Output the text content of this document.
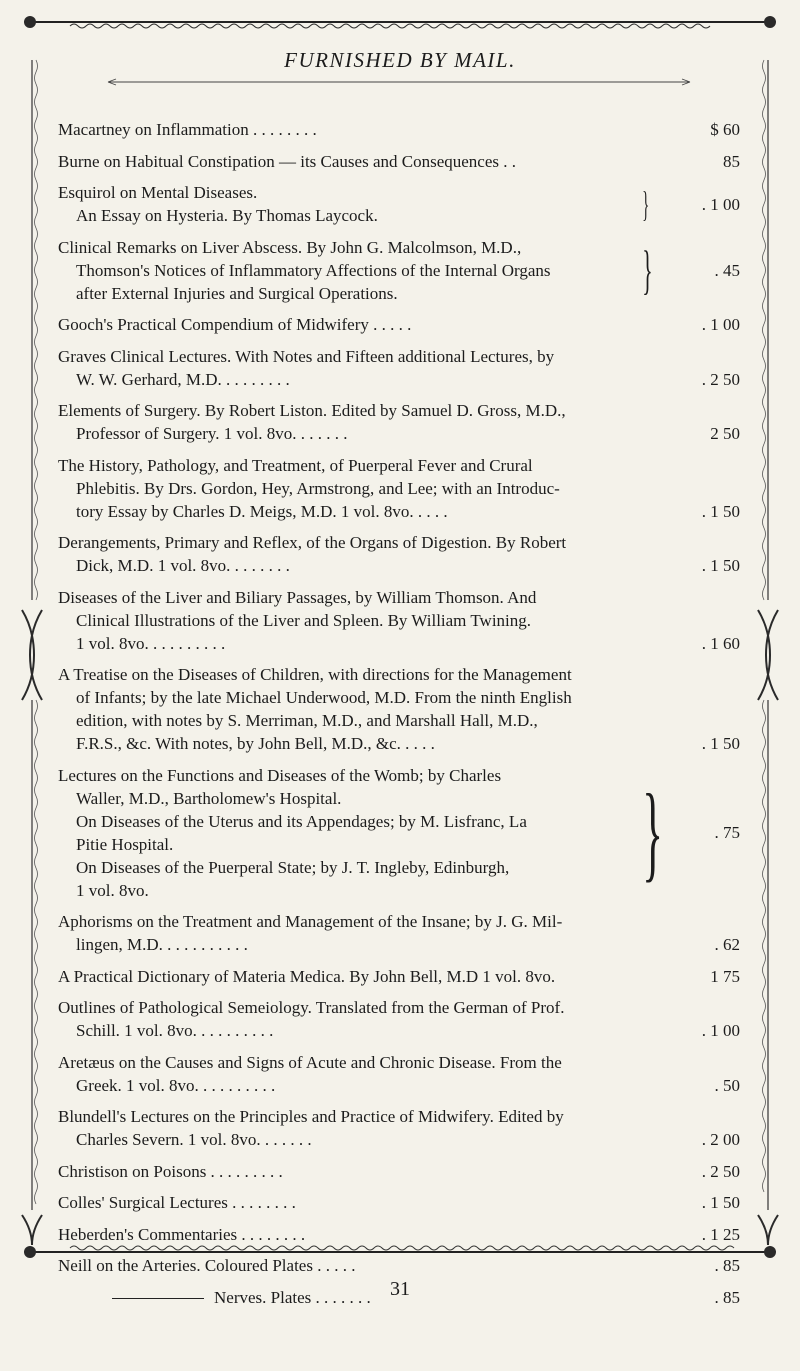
FURNISHED BY MAIL.
Macartney on Inflammation . . . . . . . .	$ 60
Burne on Habitual Constipation — its Causes and Consequences . .	85
Esquirol on Mental Diseases.
An Essay on Hysteria. By Thomas Laycock.	}	. 1 00
Clinical Remarks on Liver Abscess. By John G. Malcolmson, M.D.,
Thomson's Notices of Inflammatory Affections of the Internal Organs
after External Injuries and Surgical Operations.	}	. 45
Gooch's Practical Compendium of Midwifery . . . . .	. 1 00
Graves Clinical Lectures. With Notes and Fifteen additional Lectures, by
W. W. Gerhard, M.D. . . . . . . . .	. 2 50
Elements of Surgery. By Robert Liston. Edited by Samuel D. Gross, M.D.,
Professor of Surgery. 1 vol. 8vo. . . . . . .	2 50
The History, Pathology, and Treatment, of Puerperal Fever and Crural
Phlebitis. By Drs. Gordon, Hey, Armstrong, and Lee; with an Introduc-
tory Essay by Charles D. Meigs, M.D. 1 vol. 8vo. . . . .	. 1 50
Derangements, Primary and Reflex, of the Organs of Digestion. By Robert
Dick, M.D. 1 vol. 8vo. . . . . . . .	. 1 50
Diseases of the Liver and Biliary Passages, by William Thomson. And
Clinical Illustrations of the Liver and Spleen. By William Twining.
1 vol. 8vo. . . . . . . . . .	. 1 60
A Treatise on the Diseases of Children, with directions for the Management
of Infants; by the late Michael Underwood, M.D. From the ninth English
edition, with notes by S. Merriman, M.D., and Marshall Hall, M.D.,
F.R.S., &c. With notes, by John Bell, M.D., &c. . . . .	. 1 50
Lectures on the Functions and Diseases of the Womb; by Charles
Waller, M.D., Bartholomew's Hospital.
On Diseases of the Uterus and its Appendages; by M. Lisfranc, La
Pitie Hospital.
On Diseases of the Puerperal State; by J. T. Ingleby, Edinburgh,
1 vol. 8vo.	}	. 75
Aphorisms on the Treatment and Management of the Insane; by J. G. Mil-
lingen, M.D. . . . . . . . . . .	. 62
A Practical Dictionary of Materia Medica. By John Bell, M.D 1 vol. 8vo.	1 75
Outlines of Pathological Semeiology. Translated from the German of Prof.
Schill. 1 vol. 8vo. . . . . . . . . .	. 1 00
Aretæus on the Causes and Signs of Acute and Chronic Disease. From the
Greek. 1 vol. 8vo. . . . . . . . . .	. 50
Blundell's Lectures on the Principles and Practice of Midwifery. Edited by
Charles Severn. 1 vol. 8vo. . . . . . .	. 2 00
Christison on Poisons . . . . . . . . .	. 2 50
Colles' Surgical Lectures . . . . . . . .	. 1 50
Heberden's Commentaries . . . . . . . .	. 1 25
Neill on the Arteries. Coloured Plates . . . . .	. 85
Nerves. Plates . . . . . . .	. 85
31
